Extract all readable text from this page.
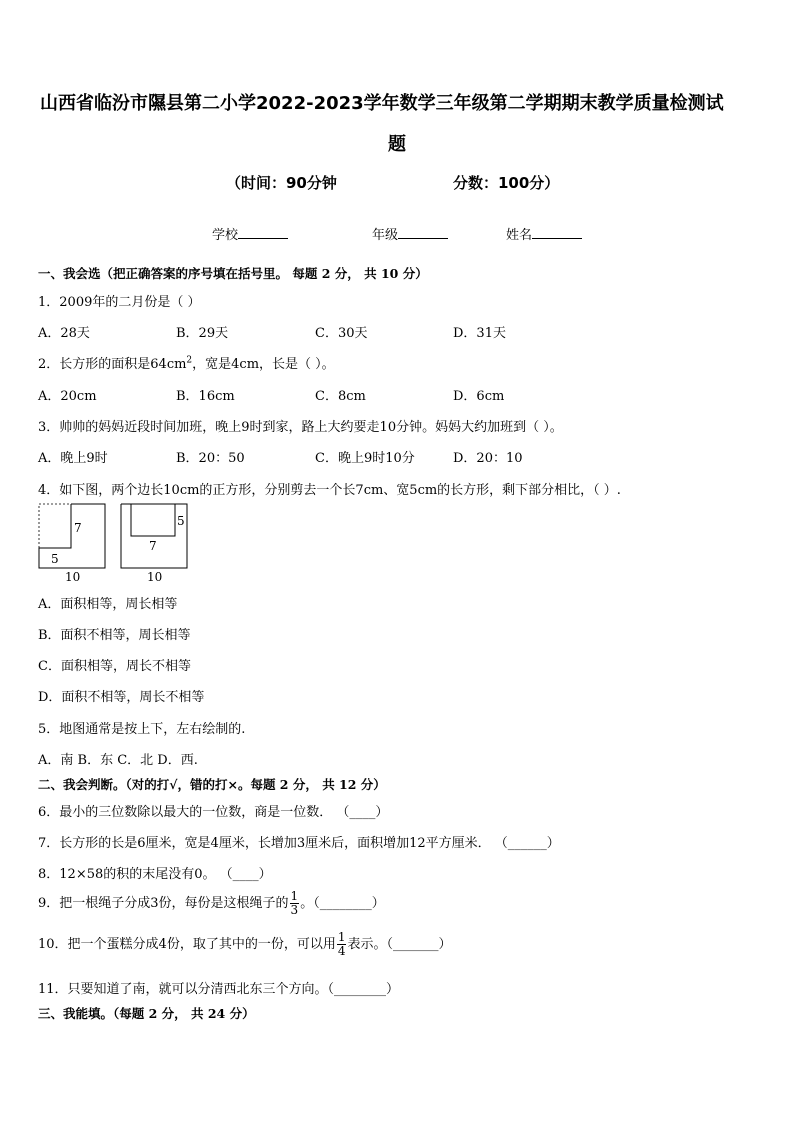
山西省临汾市隰县第二小学2022-2023学年数学三年级第二学期期末教学质量检测试
题
（时间：90分钟	分数：100分）
学校	年级	姓名
一、我会选（把正确答案的序号填在括号里。 每题 2 分， 共 10 分）
1．2009年的二月份是（ ）
A．28天	B．29天	C．30天	D．31天
2．长方形的面积是$64cm^2$，宽是4cm，长是（ ）。
A．20cm	B．16cm	C．8cm	D．6cm
3．帅帅的妈妈近段时间加班，晚上9时到家，路上大约要走10分钟。妈妈大约加班到（ ）。
A．晚上9时	B．20：50	C．晚上9时10分	D．20：10
4．如下图，两个边长10cm的正方形，分别剪去一个长7cm、宽5cm的长方形，剩下部分相比，（ ）.
7
5
10
5
7
10
A．面积相等，周长相等
B．面积不相等，周长相等
C．面积相等，周长不相等
D．面积不相等，周长不相等
5．地图通常是按上下，左右绘制的.
A．南 B．东 C．北 D．西.
二、我会判断。（对的打√，错的打×。每题 2 分， 共 12 分）
6．最小的三位数除以最大的一位数，商是一位数． （____）
7．长方形的长是6厘米，宽是4厘米，长增加3厘米后，面积增加12平方厘米． （______）
8．12×58的积的末尾没有0。 （____）
9．把一根绳子分成3份，每份是这根绳子的 $\frac{1}{3}$ 。（________）
10．把一个蛋糕分成4份，取了其中的一份，可以用 $\frac{1}{4}$ 表示。（_______）
11．只要知道了南，就可以分清西北东三个方向。（________）
三、我能填。（每题 2 分， 共 24 分）
